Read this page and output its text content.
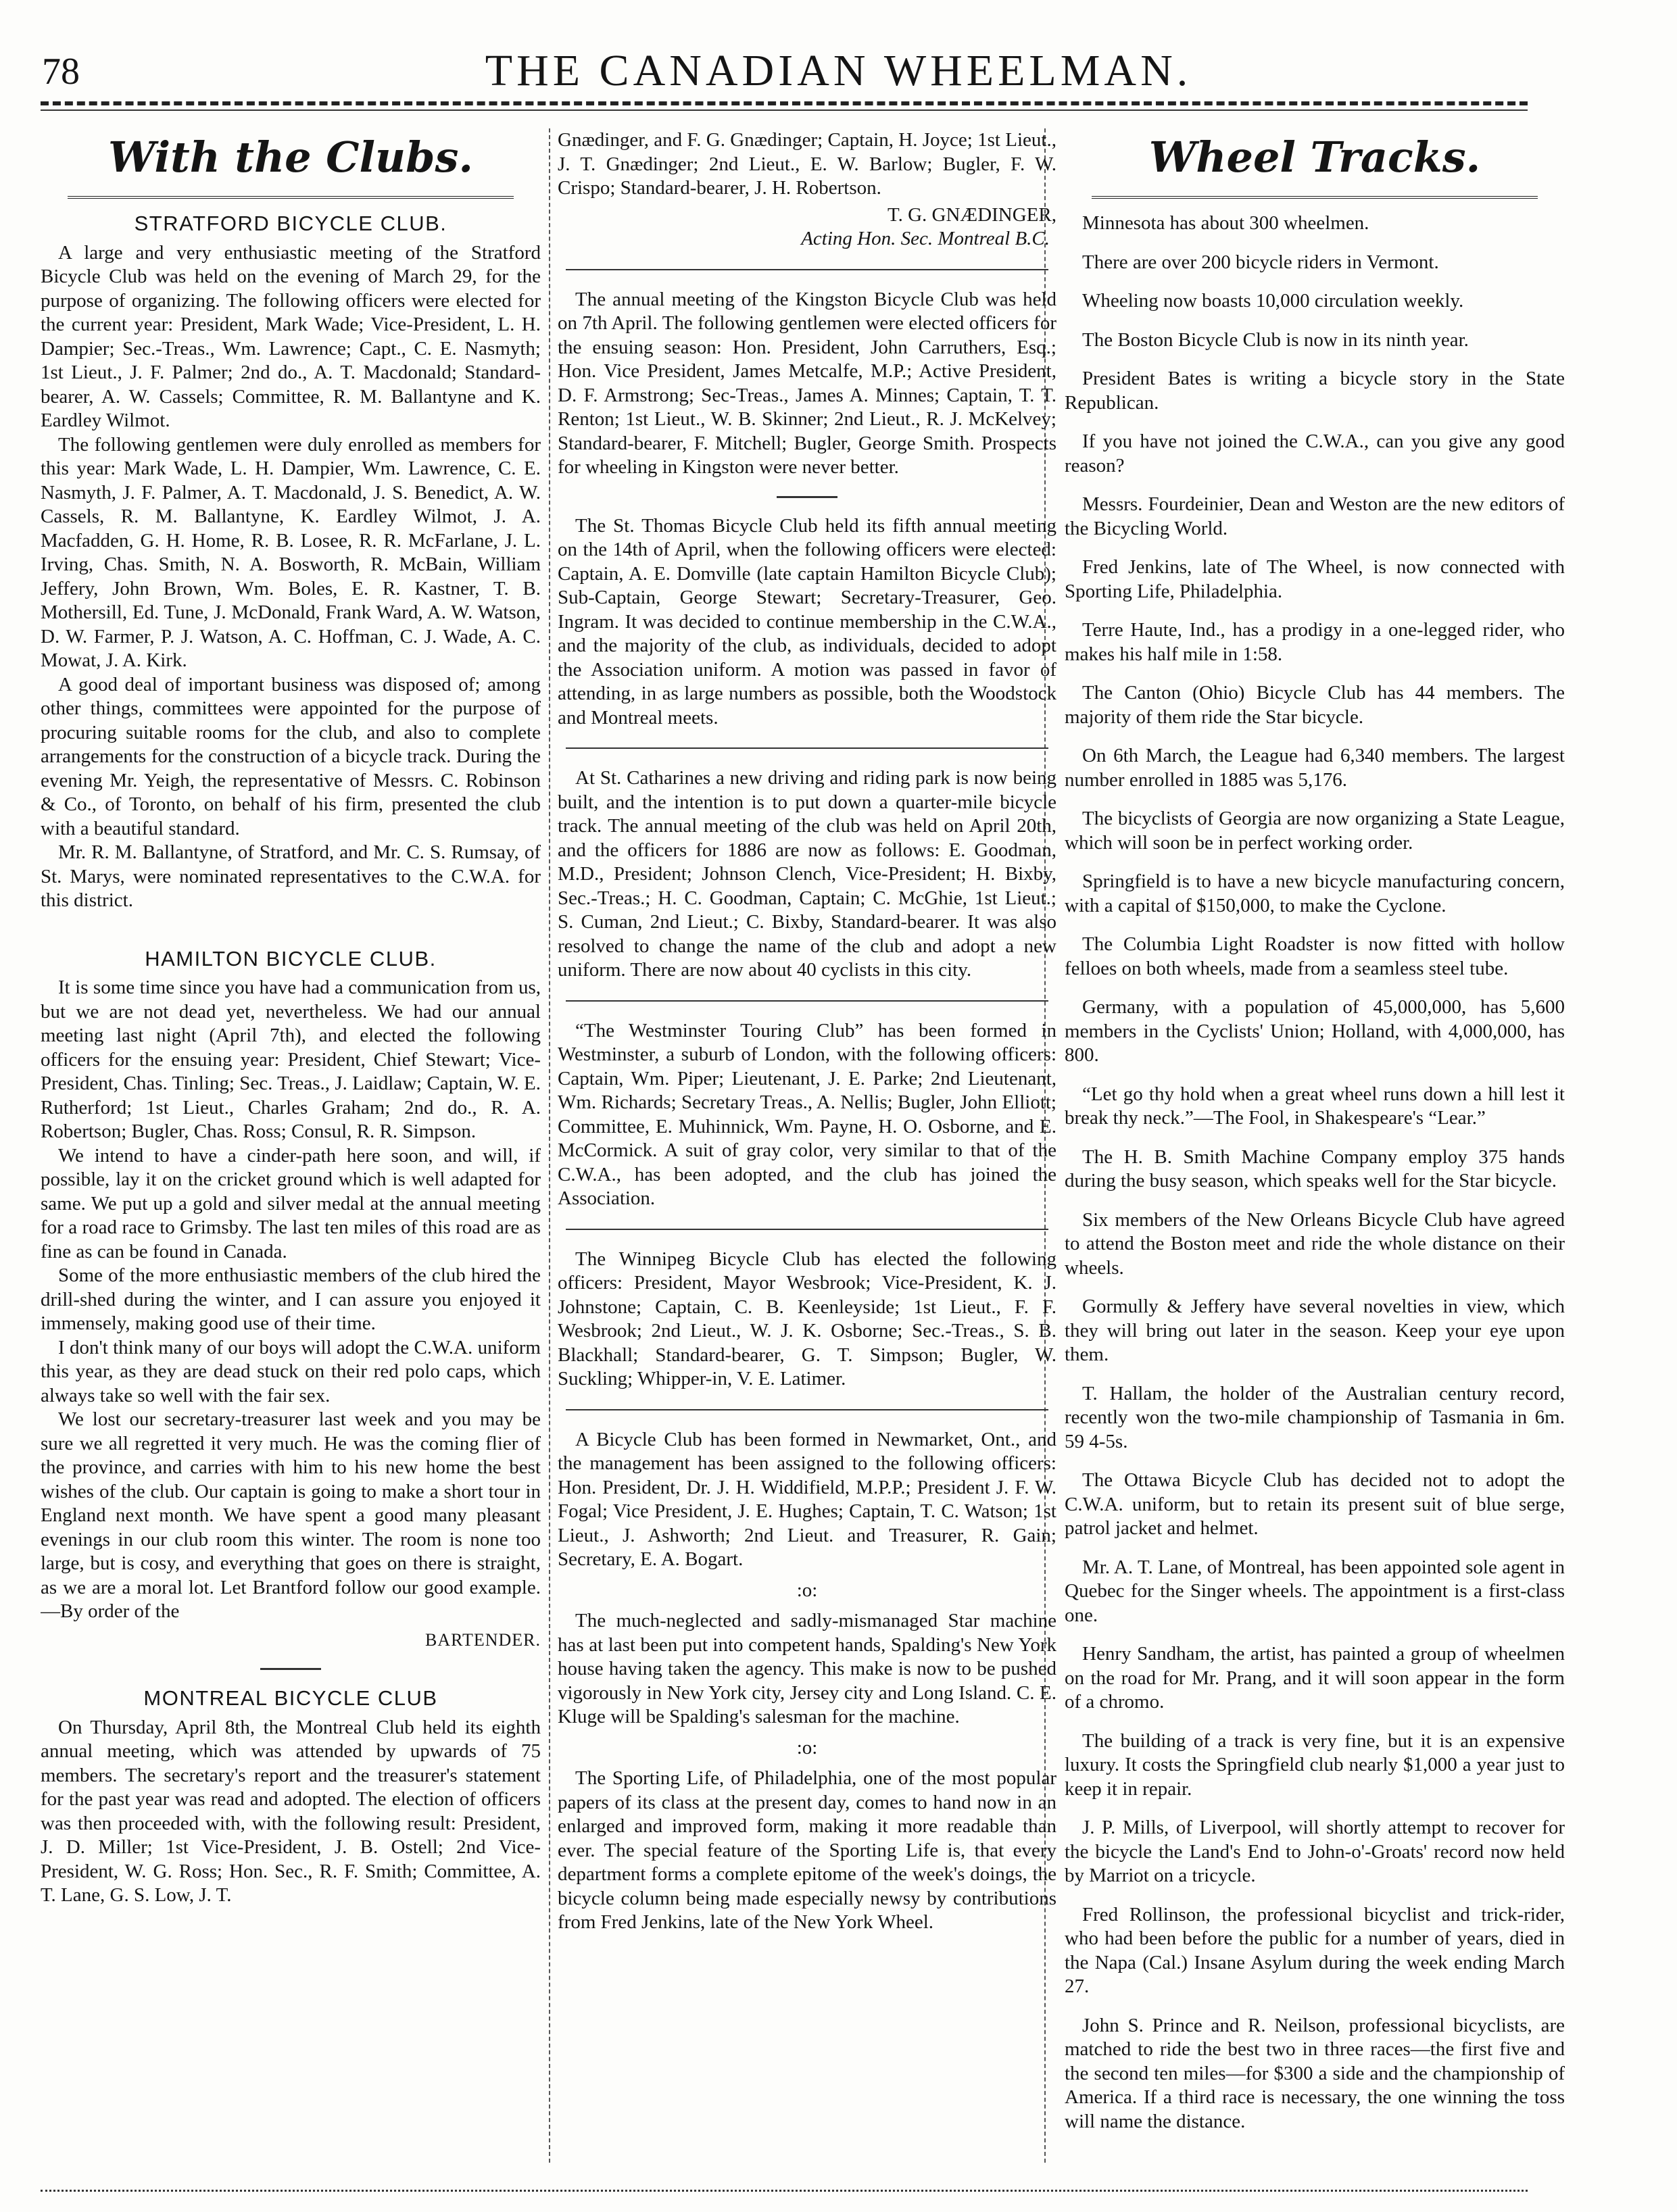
78	THE CANADIAN WHEELMAN.
With the Clubs.
STRATFORD BICYCLE CLUB.

A large and very enthusiastic meeting of the Stratford Bicycle Club was held on the evening of March 29, for the purpose of organizing. The following officers were elected for the current year: President, Mark Wade; Vice-President, L. H. Dampier; Sec.-Treas., Wm. Lawrence; Capt., C. E. Nasmyth; 1st Lieut., J. F. Palmer; 2nd do., A. T. Macdonald; Standard-bearer, A. W. Cassels; Committee, R. M. Ballantyne and K. Eardley Wilmot.

The following gentlemen were duly enrolled as members for this year: Mark Wade, L. H. Dampier, Wm. Lawrence, C. E. Nasmyth, J. F. Palmer, A. T. Macdonald, J. S. Benedict, A. W. Cassels, R. M. Ballantyne, K. Eardley Wilmot, J. A. Macfadden, G. H. Home, R. B. Losee, R. R. McFarlane, J. L. Irving, Chas. Smith, N. A. Bosworth, R. McBain, William Jeffery, John Brown, Wm. Boles, E. R. Kastner, T. B. Mothersill, Ed. Tune, J. McDonald, Frank Ward, A. W. Watson, D. W. Farmer, P. J. Watson, A. C. Hoffman, C. J. Wade, A. C. Mowat, J. A. Kirk.

A good deal of important business was disposed of; among other things, committees were appointed for the purpose of procuring suitable rooms for the club, and also to complete arrangements for the construction of a bicycle track. During the evening Mr. Yeigh, the representative of Messrs. C. Robinson & Co., of Toronto, on behalf of his firm, presented the club with a beautiful standard.

Mr. R. M. Ballantyne, of Stratford, and Mr. C. S. Rumsay, of St. Marys, were nominated representatives to the C.W.A. for this district.

HAMILTON BICYCLE CLUB.

It is some time since you have had a communication from us, but we are not dead yet, nevertheless. We had our annual meeting last night (April 7th), and elected the following officers for the ensuing year: President, Chief Stewart; Vice-President, Chas. Tinling; Sec. Treas., J. Laidlaw; Captain, W. E. Rutherford; 1st Lieut., Charles Graham; 2nd do., R. A. Robertson; Bugler, Chas. Ross; Consul, R. R. Simpson.

We intend to have a cinder-path here soon, and will, if possible, lay it on the cricket ground which is well adapted for same. We put up a gold and silver medal at the annual meeting for a road race to Grimsby. The last ten miles of this road are as fine as can be found in Canada.

Some of the more enthusiastic members of the club hired the drill-shed during the winter, and I can assure you enjoyed it immensely, making good use of their time.

I don't think many of our boys will adopt the C.W.A. uniform this year, as they are dead stuck on their red polo caps, which always take so well with the fair sex.

We lost our secretary-treasurer last week and you may be sure we all regretted it very much. He was the coming flier of the province, and carries with him to his new home the best wishes of the club. Our captain is going to make a short tour in England next month. We have spent a good many pleasant evenings in our club room this winter. The room is none too large, but is cosy, and everything that goes on there is straight, as we are a moral lot. Let Brantford follow our good example.—By order of the

BARTENDER.
MONTREAL BICYCLE CLUB

On Thursday, April 8th, the Montreal Club held its eighth annual meeting, which was attended by upwards of 75 members. The secretary's report and the treasurer's statement for the past year was read and adopted. The election of officers was then proceeded with, with the following result: President, J. D. Miller; 1st Vice-President, J. B. Ostell; 2nd Vice-President, W. G. Ross; Hon. Sec., R. F. Smith; Committee, A. T. Lane, G. S. Low, J. T.

Gnædinger, and F. G. Gnædinger; Captain, H. Joyce; 1st Lieut., J. T. Gnædinger; 2nd Lieut., E. W. Barlow; Bugler, F. W. Crispo; Standard-bearer, J. H. Robertson.

T. G. GNÆDINGER,
Acting Hon. Sec. Montreal B.C.

The annual meeting of the Kingston Bicycle Club was held on 7th April. The following gentlemen were elected officers for the ensuing season: Hon. President, John Carruthers, Esq.; Hon. Vice President, James Metcalfe, M.P.; Active President, D. F. Armstrong; Sec-Treas., James A. Minnes; Captain, T. T. Renton; 1st Lieut., W. B. Skinner; 2nd Lieut., R. J. McKelvey; Standard-bearer, F. Mitchell; Bugler, George Smith. Prospects for wheeling in Kingston were never better.

The St. Thomas Bicycle Club held its fifth annual meeting on the 14th of April, when the following officers were elected: Captain, A. E. Domville (late captain Hamilton Bicycle Club); Sub-Captain, George Stewart; Secretary-Treasurer, Geo. Ingram. It was decided to continue membership in the C.W.A., and the majority of the club, as individuals, decided to adopt the Association uniform. A motion was passed in favor of attending, in as large numbers as possible, both the Woodstock and Montreal meets.

At St. Catharines a new driving and riding park is now being built, and the intention is to put down a quarter-mile bicycle track. The annual meeting of the club was held on April 20th, and the officers for 1886 are now as follows: E. Goodman, M.D., President; Johnson Clench, Vice-President; H. Bixby, Sec.-Treas.; H. C. Goodman, Captain; C. McGhie, 1st Lieut.; S. Cuman, 2nd Lieut.; C. Bixby, Standard-bearer. It was also resolved to change the name of the club and adopt a new uniform. There are now about 40 cyclists in this city.

“The Westminster Touring Club” has been formed in Westminster, a suburb of London, with the following officers: Captain, Wm. Piper; Lieutenant, J. E. Parke; 2nd Lieutenant, Wm. Richards; Secretary Treas., A. Nellis; Bugler, John Elliott; Committee, E. Muhinnick, Wm. Payne, H. O. Osborne, and E. McCormick. A suit of gray color, very similar to that of the C.W.A., has been adopted, and the club has joined the Association.

The Winnipeg Bicycle Club has elected the following officers: President, Mayor Wesbrook; Vice-President, K. J. Johnstone; Captain, C. B. Keenleyside; 1st Lieut., F. F. Wesbrook; 2nd Lieut., W. J. K. Osborne; Sec.-Treas., S. B. Blackhall; Standard-bearer, G. T. Simpson; Bugler, W. Suckling; Whipper-in, V. E. Latimer.

A Bicycle Club has been formed in Newmarket, Ont., and the management has been assigned to the following officers: Hon. President, Dr. J. H. Widdifield, M.P.P.; President J. F. W. Fogal; Vice President, J. E. Hughes; Captain, T. C. Watson; 1st Lieut., J. Ashworth; 2nd Lieut. and Treasurer, R. Gain; Secretary, E. A. Bogart.

:o:

The much-neglected and sadly-mismanaged Star machine has at last been put into competent hands, Spalding's New York house having taken the agency. This make is now to be pushed vigorously in New York city, Jersey city and Long Island. C. E. Kluge will be Spalding's salesman for the machine.

:o:

The Sporting Life, of Philadelphia, one of the most popular papers of its class at the present day, comes to hand now in an enlarged and improved form, making it more readable than ever. The special feature of the Sporting Life is, that every department forms a complete epitome of the week's doings, the bicycle column being made especially newsy by contributions from Fred Jenkins, late of the New York Wheel.

Wheel Tracks.

Minnesota has about 300 wheelmen.

There are over 200 bicycle riders in Vermont.

Wheeling now boasts 10,000 circulation weekly.

The Boston Bicycle Club is now in its ninth year.

President Bates is writing a bicycle story in the State Republican.

If you have not joined the C.W.A., can you give any good reason?

Messrs. Fourdeinier, Dean and Weston are the new editors of the Bicycling World.

Fred Jenkins, late of The Wheel, is now connected with Sporting Life, Philadelphia.

Terre Haute, Ind., has a prodigy in a one-legged rider, who makes his half mile in 1:58.

The Canton (Ohio) Bicycle Club has 44 members. The majority of them ride the Star bicycle.

On 6th March, the League had 6,340 members. The largest number enrolled in 1885 was 5,176.

The bicyclists of Georgia are now organizing a State League, which will soon be in perfect working order.

Springfield is to have a new bicycle manufacturing concern, with a capital of $150,000, to make the Cyclone.

The Columbia Light Roadster is now fitted with hollow felloes on both wheels, made from a seamless steel tube.

Germany, with a population of 45,000,000, has 5,600 members in the Cyclists' Union; Holland, with 4,000,000, has 800.

“Let go thy hold when a great wheel runs down a hill lest it break thy neck.”—The Fool, in Shakespeare's “Lear.”

The H. B. Smith Machine Company employ 375 hands during the busy season, which speaks well for the Star bicycle.

Six members of the New Orleans Bicycle Club have agreed to attend the Boston meet and ride the whole distance on their wheels.

Gormully & Jeffery have several novelties in view, which they will bring out later in the season. Keep your eye upon them.

T. Hallam, the holder of the Australian century record, recently won the two-mile championship of Tasmania in 6m. 59 4-5s.

The Ottawa Bicycle Club has decided not to adopt the C.W.A. uniform, but to retain its present suit of blue serge, patrol jacket and helmet.

Mr. A. T. Lane, of Montreal, has been appointed sole agent in Quebec for the Singer wheels. The appointment is a first-class one.

Henry Sandham, the artist, has painted a group of wheelmen on the road for Mr. Prang, and it will soon appear in the form of a chromo.

The building of a track is very fine, but it is an expensive luxury. It costs the Springfield club nearly $1,000 a year just to keep it in repair.

J. P. Mills, of Liverpool, will shortly attempt to recover for the bicycle the Land's End to John-o'-Groats' record now held by Marriot on a tricycle.

Fred Rollinson, the professional bicyclist and trick-rider, who had been before the public for a number of years, died in the Napa (Cal.) Insane Asylum during the week ending March 27.

John S. Prince and R. Neilson, professional bicyclists, are matched to ride the best two in three races—the first five and the second ten miles—for $300 a side and the championship of America. If a third race is necessary, the one winning the toss will name the distance.
